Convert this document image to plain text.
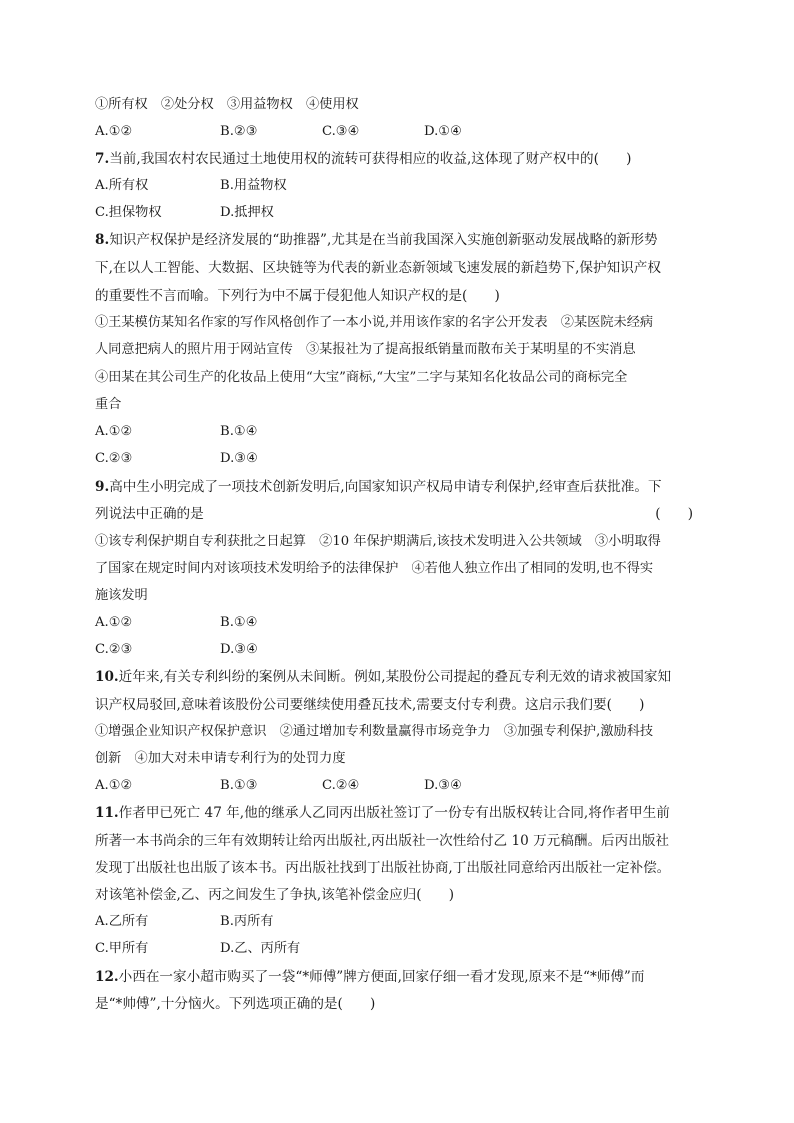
①所有权　②处分权　③用益物权　④使用权
A.①②	B.②③	C.③④	D.①④
7.当前,我国农村农民通过土地使用权的流转可获得相应的收益,这体现了财产权中的(　　)
A.所有权	B.用益物权
C.担保物权	D.抵押权
8.知识产权保护是经济发展的“助推器”,尤其是在当前我国深入实施创新驱动发展战略的新形势
下,在以人工智能、大数据、区块链等为代表的新业态新领域飞速发展的新趋势下,保护知识产权
的重要性不言而喻。下列行为中不属于侵犯他人知识产权的是(　　)
①王某模仿某知名作家的写作风格创作了一本小说,并用该作家的名字公开发表　②某医院未经病
人同意把病人的照片用于网站宣传　③某报社为了提高报纸销量而散布关于某明星的不实消息
④田某在其公司生产的化妆品上使用“大宝”商标,“大宝”二字与某知名化妆品公司的商标完全
重合
A.①②	B.①④
C.②③	D.③④
9.高中生小明完成了一项技术创新发明后,向国家知识产权局申请专利保护,经审查后获批准。下
列说法中正确的是	(　　)
①该专利保护期自专利获批之日起算　②10 年保护期满后,该技术发明进入公共领域　③小明取得
了国家在规定时间内对该项技术发明给予的法律保护　④若他人独立作出了相同的发明,也不得实
施该发明
A.①②	B.①④
C.②③	D.③④
10.近年来,有关专利纠纷的案例从未间断。例如,某股份公司提起的叠瓦专利无效的请求被国家知
识产权局驳回,意味着该股份公司要继续使用叠瓦技术,需要支付专利费。这启示我们要(　　)
①增强企业知识产权保护意识　②通过增加专利数量赢得市场竞争力　③加强专利保护,激励科技
创新　④加大对未申请专利行为的处罚力度
A.①②	B.①③	C.②④	D.③④
11.作者甲已死亡 47 年,他的继承人乙同丙出版社签订了一份专有出版权转让合同,将作者甲生前
所著一本书尚余的三年有效期转让给丙出版社,丙出版社一次性给付乙 10 万元稿酬。后丙出版社
发现丁出版社也出版了该本书。丙出版社找到丁出版社协商,丁出版社同意给丙出版社一定补偿。
对该笔补偿金,乙、丙之间发生了争执,该笔补偿金应归(　　)
A.乙所有	B.丙所有
C.甲所有	D.乙、丙所有
12.小西在一家小超市购买了一袋“*师傅”牌方便面,回家仔细一看才发现,原来不是“*师傅”而
是“*帅傅”,十分恼火。下列选项正确的是(　　)
